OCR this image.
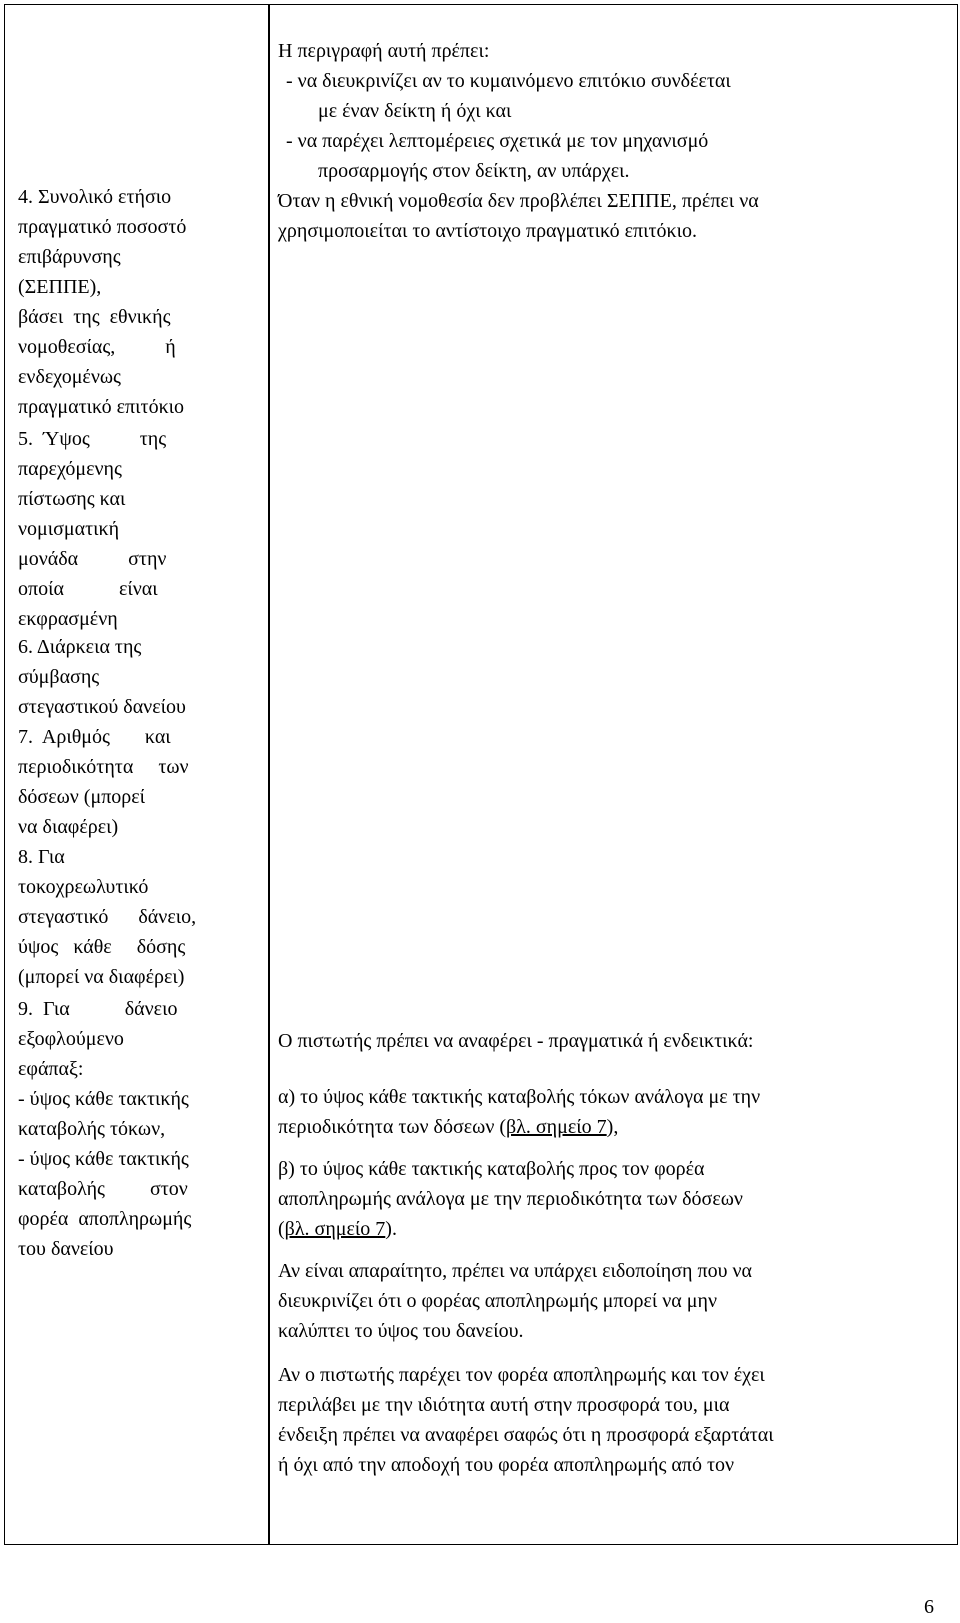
4. Συνολικό ετήσιο
πραγματικό ποσοστό
επιβάρυνσης
(ΣΕΠΠΕ),
βάσει  της  εθνικής
νομοθεσίας,          ή
ενδεχομένως
πραγματικό επιτόκιο
5.  Ύψος          της
παρεχόμενης
πίστωσης και
νομισματική
μονάδα          στην
οποία           είναι
εκφρασμένη
6. Διάρκεια της
σύμβασης
στεγαστικού δανείου
7.  Αριθμός       και
περιοδικότητα     των
δόσεων (μπορεί
να διαφέρει)
8. Για
τοκοχρεωλυτικό
στεγαστικό      δάνειο,
ύψος   κάθε     δόσης
(μπορεί να διαφέρει)
9.  Για           δάνειο
εξοφλούμενο
εφάπαξ:
- ύψος κάθε τακτικής
καταβολής τόκων,
- ύψος κάθε τακτικής
καταβολής         στον
φορέα  αποπληρωμής
του δανείου
Η περιγραφή αυτή πρέπει:
- να διευκρινίζει αν το κυμαινόμενο επιτόκιο συνδέεται
με έναν δείκτη ή όχι και
- να παρέχει λεπτομέρειες σχετικά με τον μηχανισμό
προσαρμογής στον δείκτη, αν υπάρχει.
Όταν η εθνική νομοθεσία δεν προβλέπει ΣΕΠΠΕ, πρέπει να
χρησιμοποιείται το αντίστοιχο πραγματικό επιτόκιο.
Ο πιστωτής πρέπει να αναφέρει - πραγματικά ή ενδεικτικά:
α) το ύψος κάθε τακτικής καταβολής τόκων ανάλογα με την
περιοδικότητα των δόσεων (βλ. σημείο 7),
β) το ύψος κάθε τακτικής καταβολής προς τον φορέα
αποπληρωμής ανάλογα με την περιοδικότητα των δόσεων
(βλ. σημείο 7).
Αν είναι απαραίτητο, πρέπει να υπάρχει ειδοποίηση που να
διευκρινίζει ότι ο φορέας αποπληρωμής μπορεί να μην
καλύπτει το ύψος του δανείου.
Αν ο πιστωτής παρέχει τον φορέα αποπληρωμής και τον έχει
περιλάβει με την ιδιότητα αυτή στην προσφορά του, μια
ένδειξη πρέπει να αναφέρει σαφώς ότι η προσφορά εξαρτάται
ή όχι από την αποδοχή του φορέα αποπληρωμής από τον
6
